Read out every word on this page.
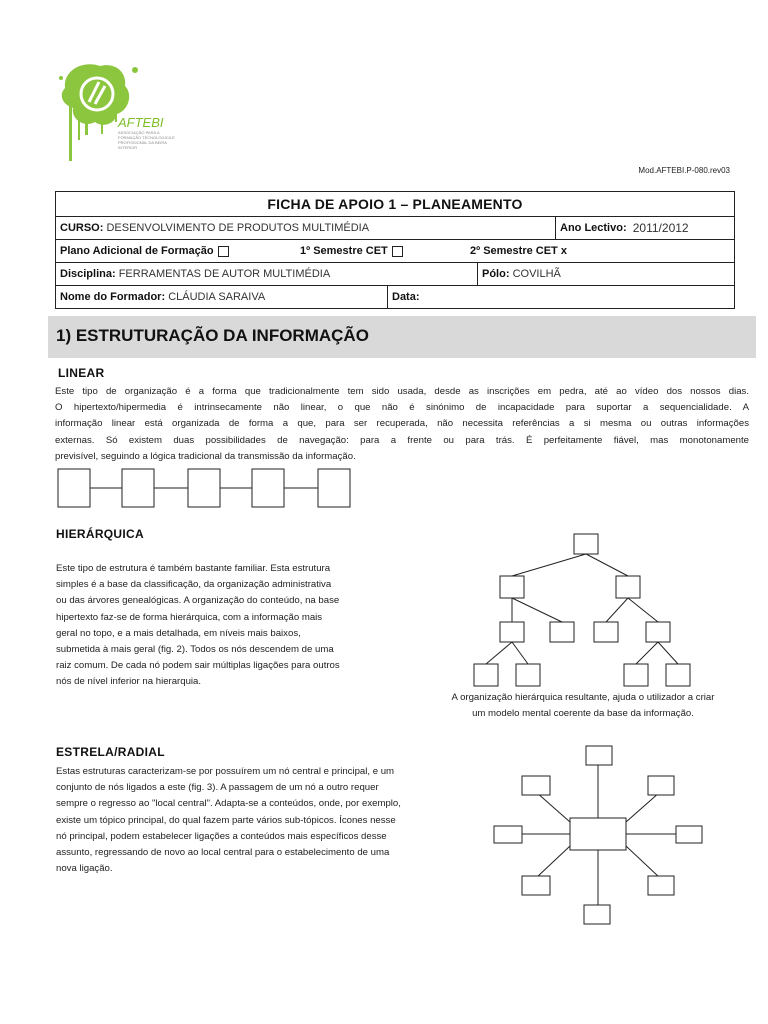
AFTEBI
ASSOCIAÇÃO PARA A FORMAÇÃO TECNOLÓGICA E PROFISSIONAL DA BEIRA INTERIOR
Mod.AFTEBI.P-080.rev03
FICHA DE APOIO 1 – PLANEAMENTO
CURSO:
DESENVOLVIMENTO DE PRODUTOS MULTIMÉDIA	Ano Lectivo:
2011/2012
Plano Adicional de Formação	1º Semestre CET	2º Semestre CET x
Disciplina:
FERRAMENTAS DE AUTOR MULTIMÉDIA	Pólo:
COVILHÃ
Nome do Formador:
CLÁUDIA SARAIVA	Data:
1) ESTRUTURAÇÃO DA INFORMAÇÃO
LINEAR
Este tipo de organização é a forma que tradicionalmente tem sido usada, desde as inscrições em pedra, até ao vídeo dos nossos dias.
O hipertexto/hipermedia é intrinsecamente não linear, o que não é sinónimo de incapacidade para suportar a sequencialidade. A
informação linear está organizada de forma a que, para ser recuperada, não necessita referências a si mesma ou outras informações
externas. Só existem duas possibilidades de navegação: para a frente ou para trás. É perfeitamente fiável, mas monotonamente
previsível, seguindo a lógica tradicional da transmissão da informação.
HIERÁRQUICA
Este tipo de estrutura é também bastante familiar. Esta estrutura
simples é a base da classificação, da organização administrativa
ou das árvores genealógicas. A organização do conteúdo, na base
hipertexto faz-se de forma hierárquica, com a informação mais
geral no topo, e a mais detalhada, em níveis mais baixos,
submetida à mais geral (fig. 2). Todos os nós descendem de uma
raiz comum. De cada nó podem sair múltiplas ligações para outros
nós de nível inferior na hierarquia.
A organização hierárquica resultante, ajuda o utilizador a criar
um modelo mental coerente da base da informação.
ESTRELA/RADIAL
Estas estruturas caracterizam-se por possuírem um nó central e principal, e um
conjunto de nós ligados a este (fig. 3). A passagem de um nó a outro requer
sempre o regresso ao "local central". Adapta-se a conteúdos, onde, por exemplo,
existe um tópico principal, do qual fazem parte vários sub-tópicos. Ícones nesse
nó principal, podem estabelecer ligações a conteúdos mais específicos desse
assunto, regressando de novo ao local central para o estabelecimento de uma
nova ligação.
